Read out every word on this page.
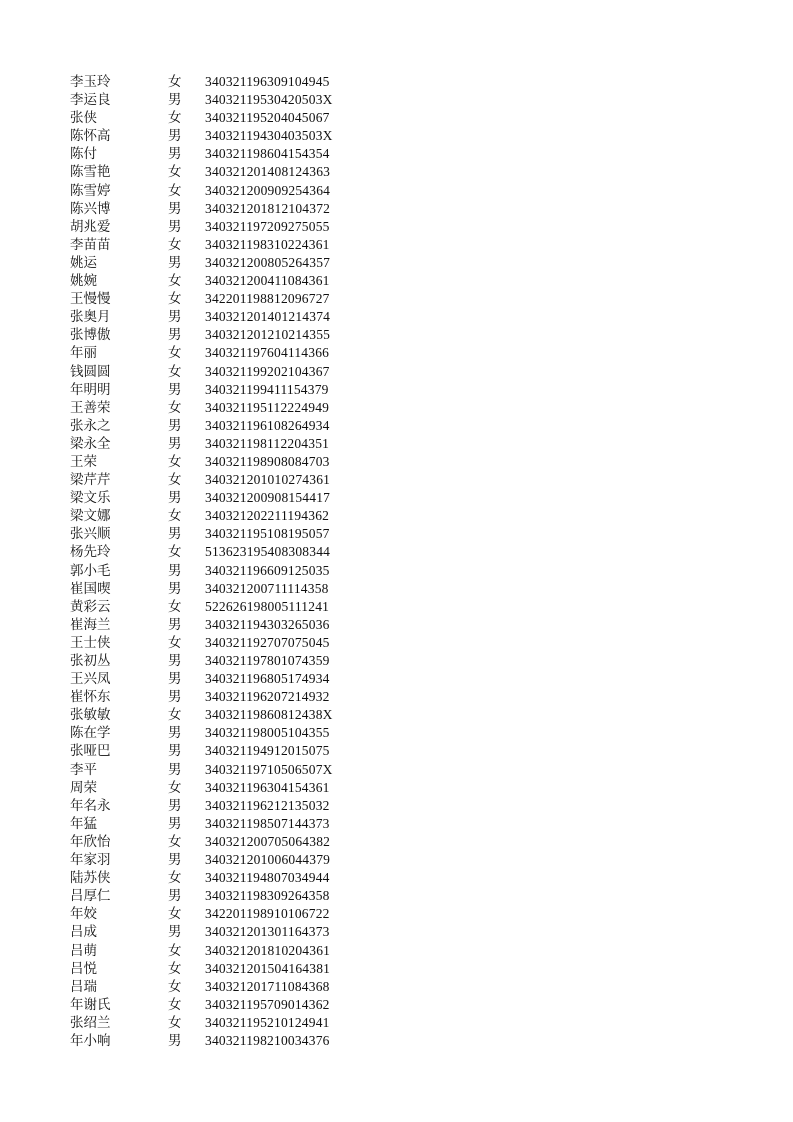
李玉玲	女 340321196309104945
李运良	男 34032119530420503X
张侠	女 340321195204045067
陈怀高	男 34032119430403503X
陈付	男 340321198604154354
陈雪艳	女 340321201408124363
陈雪婷	女 340321200909254364
陈兴博	男 340321201812104372
胡兆爱	男 340321197209275055
李苗苗	女 340321198310224361
姚运	男 340321200805264357
姚婉	女 340321200411084361
王慢慢	女 342201198812096727
张奥月	男 340321201401214374
张博傲	男 340321201210214355
年丽	女 340321197604114366
钱圆圆	女 340321199202104367
年明明	男 340321199411154379
王善荣	女 340321195112224949
张永之	男 340321196108264934
梁永全	男 340321198112204351
王荣	女 340321198908084703
梁芹芹	女 340321201010274361
梁文乐	男 340321200908154417
梁文娜	女 340321202211194362
张兴顺	男 340321195108195057
杨先玲	女 513623195408308344
郭小毛	男 340321196609125035
崔国喫	男 340321200711114358
黄彩云	女 522626198005111241
崔海兰	男 340321194303265036
王士侠	女 340321192707075045
张初丛	男 340321197801074359
王兴凤	男 340321196805174934
崔怀东	男 340321196207214932
张敏敏	女 34032119860812438X
陈在学	男 340321198005104355
张哑巴	男 340321194912015075
李平	男 34032119710506507X
周荣	女 340321196304154361
年名永	男 340321196212135032
年猛	男 340321198507144373
年欣怡	女 340321200705064382
年家羽	男 340321201006044379
陆苏侠	女 340321194807034944
吕厚仁	男 340321198309264358
年姣	女 342201198910106722
吕成	男 340321201301164373
吕萌	女 340321201810204361
吕悦	女 340321201504164381
吕瑞	女 340321201711084368
年谢氏	女 340321195709014362
张绍兰	女 340321195210124941
年小响	男 340321198210034376
